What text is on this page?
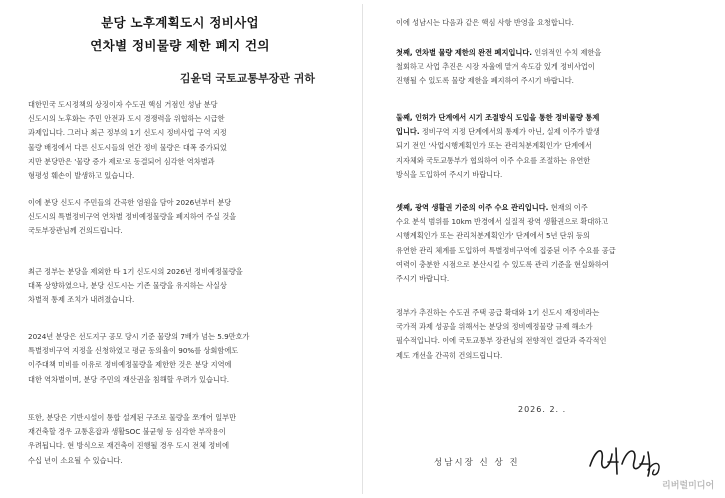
분당 노후계획도시 정비사업
연차별 정비물량 제한 폐지 건의
김윤덕 국토교통부장관 귀하

대한민국 도시정책의 상징이자 수도권 핵심 거점인 성남 분당
신도시의 노후화는 주민 안전과 도시 경쟁력을 위협하는 시급한
과제입니다. 그러나 최근 정부의 1기 신도시 정비사업 구역 지정
물량 배정에서 다른 신도시들의 연간 정비 물량은 대폭 증가되었
지만 분당만은 '물량 증가 제로'로 동결되어 심각한 역차별과
형평성 훼손이 발생하고 있습니다.

이에 분당 신도시 주민들의 간곡한 염원을 담아 2026년부터 분당
신도시의 특별정비구역 연차별 정비예정물량을 폐지하여 주실 것을
국토부장관님께 건의드립니다.

최근 정부는 분당을 제외한 타 1기 신도시의 2026년 정비예정물량을
대폭 상향하였으나, 분당 신도시는 기존 물량을 유지하는 사실상
차별적 통제 조치가 내려졌습니다.

2024년 분당은 선도지구 공모 당시 기준 물량의 7배가 넘는 5.9만호가
특별정비구역 지정을 신청하였고 평균 동의율이 90%를 상회함에도
이주대책 미비를 이유로 정비예정물량을 제한한 것은 분당 지역에
대한 역차별이며, 분당 주민의 재산권을 침해할 우려가 있습니다.

또한, 분당은 기반시설이 통합 설계된 구조로 물량을 쪼개어 일부만
재건축할 경우 교통혼잡과 생활SOC 불균형 등 심각한 부작용이
우려됩니다. 현 방식으로 재건축이 진행될 경우 도시 전체 정비에
수십 년이 소요될 수 있습니다.

이에 성남시는 다음과 같은 핵심 사항 반영을 요청합니다.

첫째, 연차별 물량 제한의 완전 폐지입니다. 인위적인 수치 제한을
철회하고 사업 추진은 시장 자율에 맡겨 속도감 있게 정비사업이
진행될 수 있도록 물량 제한을 폐지하여 주시기 바랍니다.

둘째, 인허가 단계에서 시기 조절방식 도입을 통한 정비물량 통제
입니다. 정비구역 지정 단계에서의 통제가 아닌, 실제 이주가 발생
되기 전인 '사업시행계획인가 또는 관리처분계획인가' 단계에서
지자체와 국토교통부가 협의하여 이주 수요를 조절하는 유연한
방식을 도입하여 주시기 바랍니다.

셋째, 광역 생활권 기준의 이주 수요 관리입니다. 현재의 이주
수요 분석 범위를 10km 반경에서 실질적 광역 생활권으로 확대하고
시행계획인가 또는 관리처분계획인가' 단계에서 5년 단위 등의
유연한 관리 체계를 도입하여 특별정비구역에 집중된 이주 수요를 공급
여력이 충분한 시점으로 분산시킬 수 있도록 관리 기준을 현실화하여
주시기 바랍니다.

정부가 추진하는 수도권 주택 공급 확대와 1기 신도시 재정비라는
국가적 과제 성공을 위해서는 분당의 정비예정물량 규제 해소가
필수적입니다. 이에 국토교통부 장관님의 전향적인 결단과 즉각적인
제도 개선을 간곡히 건의드립니다.

2026. 2. .
성남시장 신 상 진
리버럴미디어
